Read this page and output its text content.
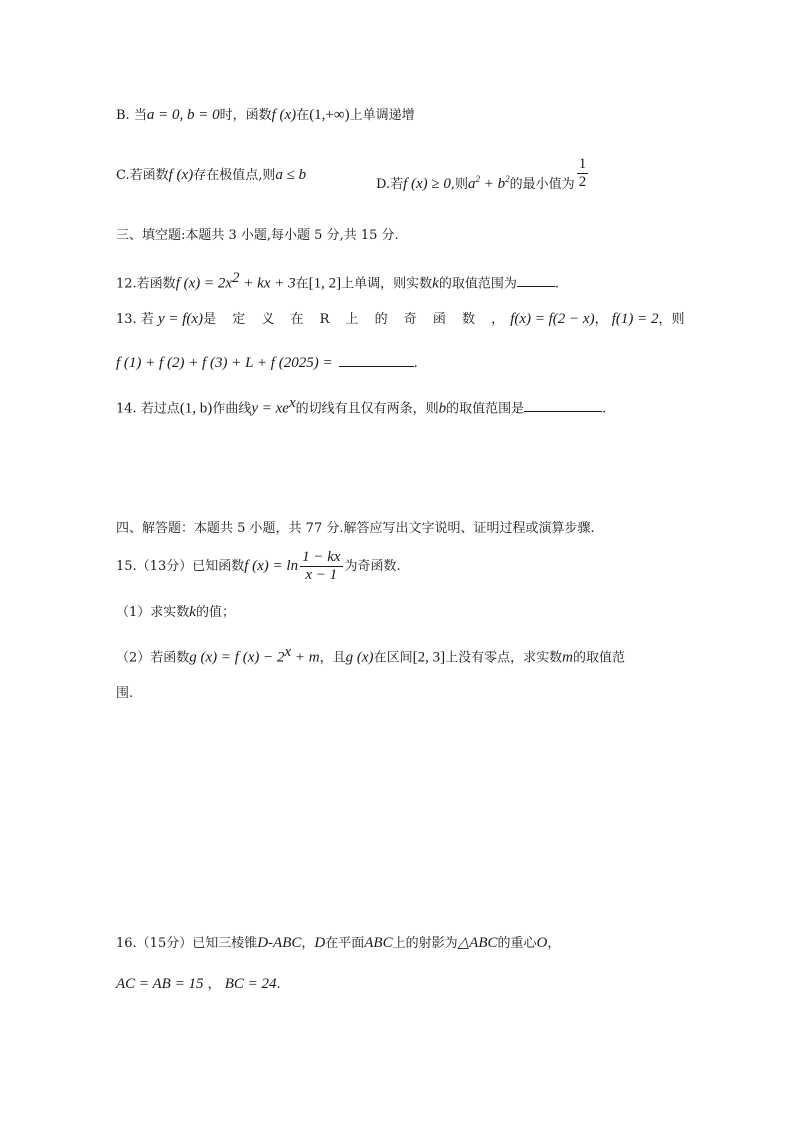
B. 当a = 0, b = 0时，函数f (x)在(1,+∞)上单调递增
C.若函数f (x)存在极值点,则a ≤ b
D.若f (x) ≥ 0,则$a^2 + b^2$的最小值为 $\frac{1}{2}$
三、填空题:本题共 3 小题,每小题 5 分,共 15 分.
12.若函数f $(x) = 2x^2$ + kx + 3在[1, 2]上单调，则实数k的取值范围为	.
13. 若 y = f(x)是 定 义 在 R 上 的 奇 函 数 ，f(x) = f(2 − x)， f(1) = 2，则
f (1) + f (2) + f (3) + L + f (2025) =	.
14. 若过点(1, b)作曲线$y = xe^x$的切线有且仅有两条，则b的取值范围是	.
四、解答题：本题共 5 小题，共 77 分.解答应写出文字说明、证明过程或演算步骤.
15.（13分）已知函数f $(x) = \ln \frac{1 - kx}{x - 1}$ 为奇函数.
（1）求实数k的值；
（2）若函数g (x) = f $(x) - 2^x + m$，且g (x)在区间[2, 3]上没有零点，求实数m的取值范
围.
16.（15分）已知三棱锥D-ABC，D在平面ABC上的射影为△ABC的重心O，
AC = AB = 15 ， BC = 24.
